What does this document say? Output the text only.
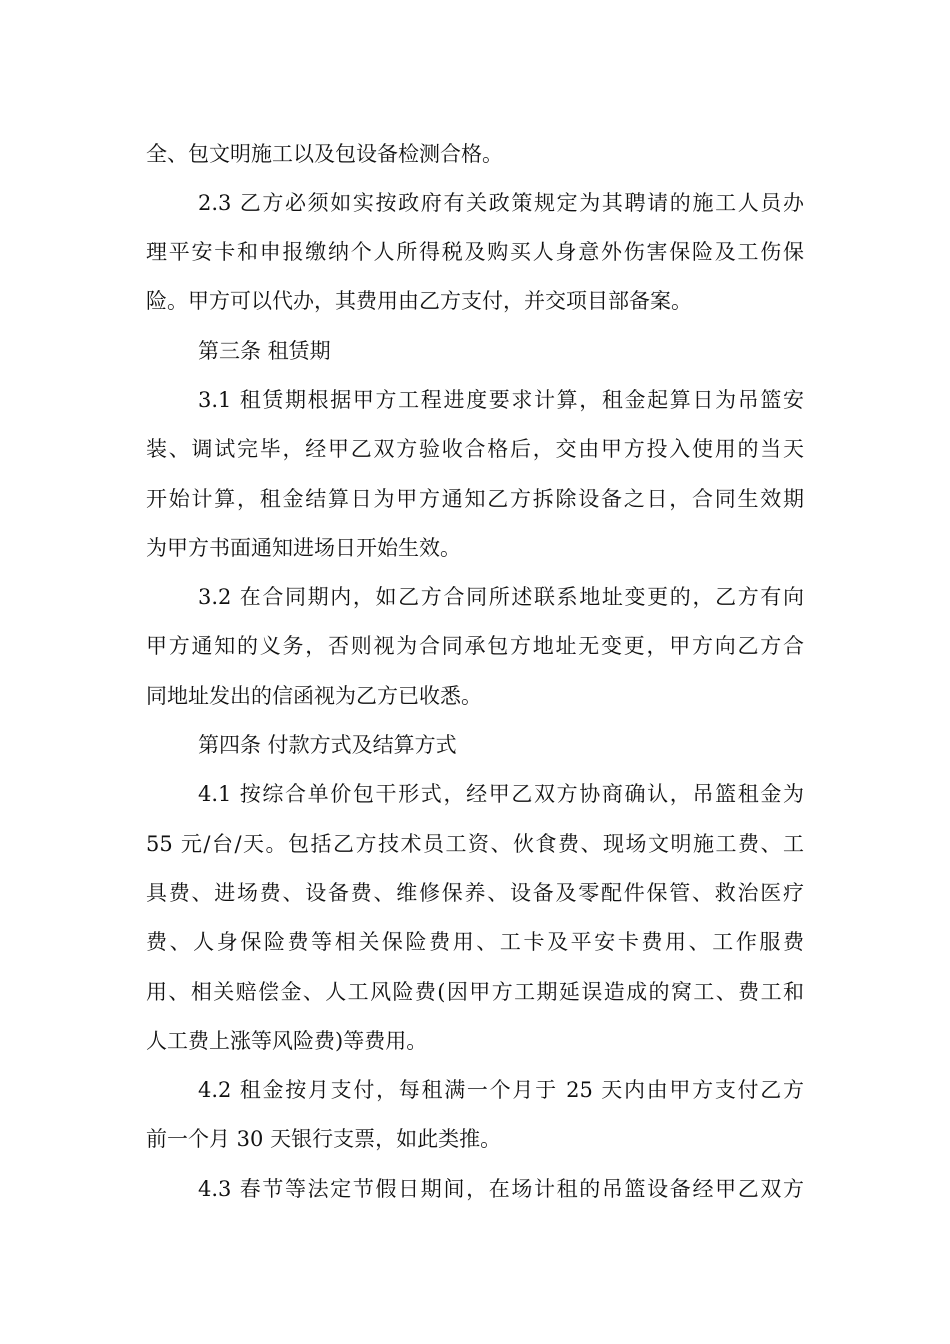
全、包文明施工以及包设备检测合格。
2.3 乙方必须如实按政府有关政策规定为其聘请的施工人员办
理平安卡和申报缴纳个人所得税及购买人身意外伤害保险及工伤保
险。甲方可以代办，其费用由乙方支付，并交项目部备案。
第三条 租赁期
3.1 租赁期根据甲方工程进度要求计算，租金起算日为吊篮安
装、调试完毕，经甲乙双方验收合格后，交由甲方投入使用的当天
开始计算，租金结算日为甲方通知乙方拆除设备之日，合同生效期
为甲方书面通知进场日开始生效。
3.2 在合同期内，如乙方合同所述联系地址变更的，乙方有向
甲方通知的义务，否则视为合同承包方地址无变更，甲方向乙方合
同地址发出的信函视为乙方已收悉。
第四条 付款方式及结算方式
4.1 按综合单价包干形式，经甲乙双方协商确认，吊篮租金为
55 元/台/天。包括乙方技术员工资、伙食费、现场文明施工费、工
具费、进场费、设备费、维修保养、设备及零配件保管、救治医疗
费、人身保险费等相关保险费用、工卡及平安卡费用、工作服费
用、相关赔偿金、人工风险费(因甲方工期延误造成的窝工、费工和
人工费上涨等风险费)等费用。
4.2 租金按月支付，每租满一个月于 25 天内由甲方支付乙方
前一个月 30 天银行支票，如此类推。
4.3 春节等法定节假日期间，在场计租的吊篮设备经甲乙双方
